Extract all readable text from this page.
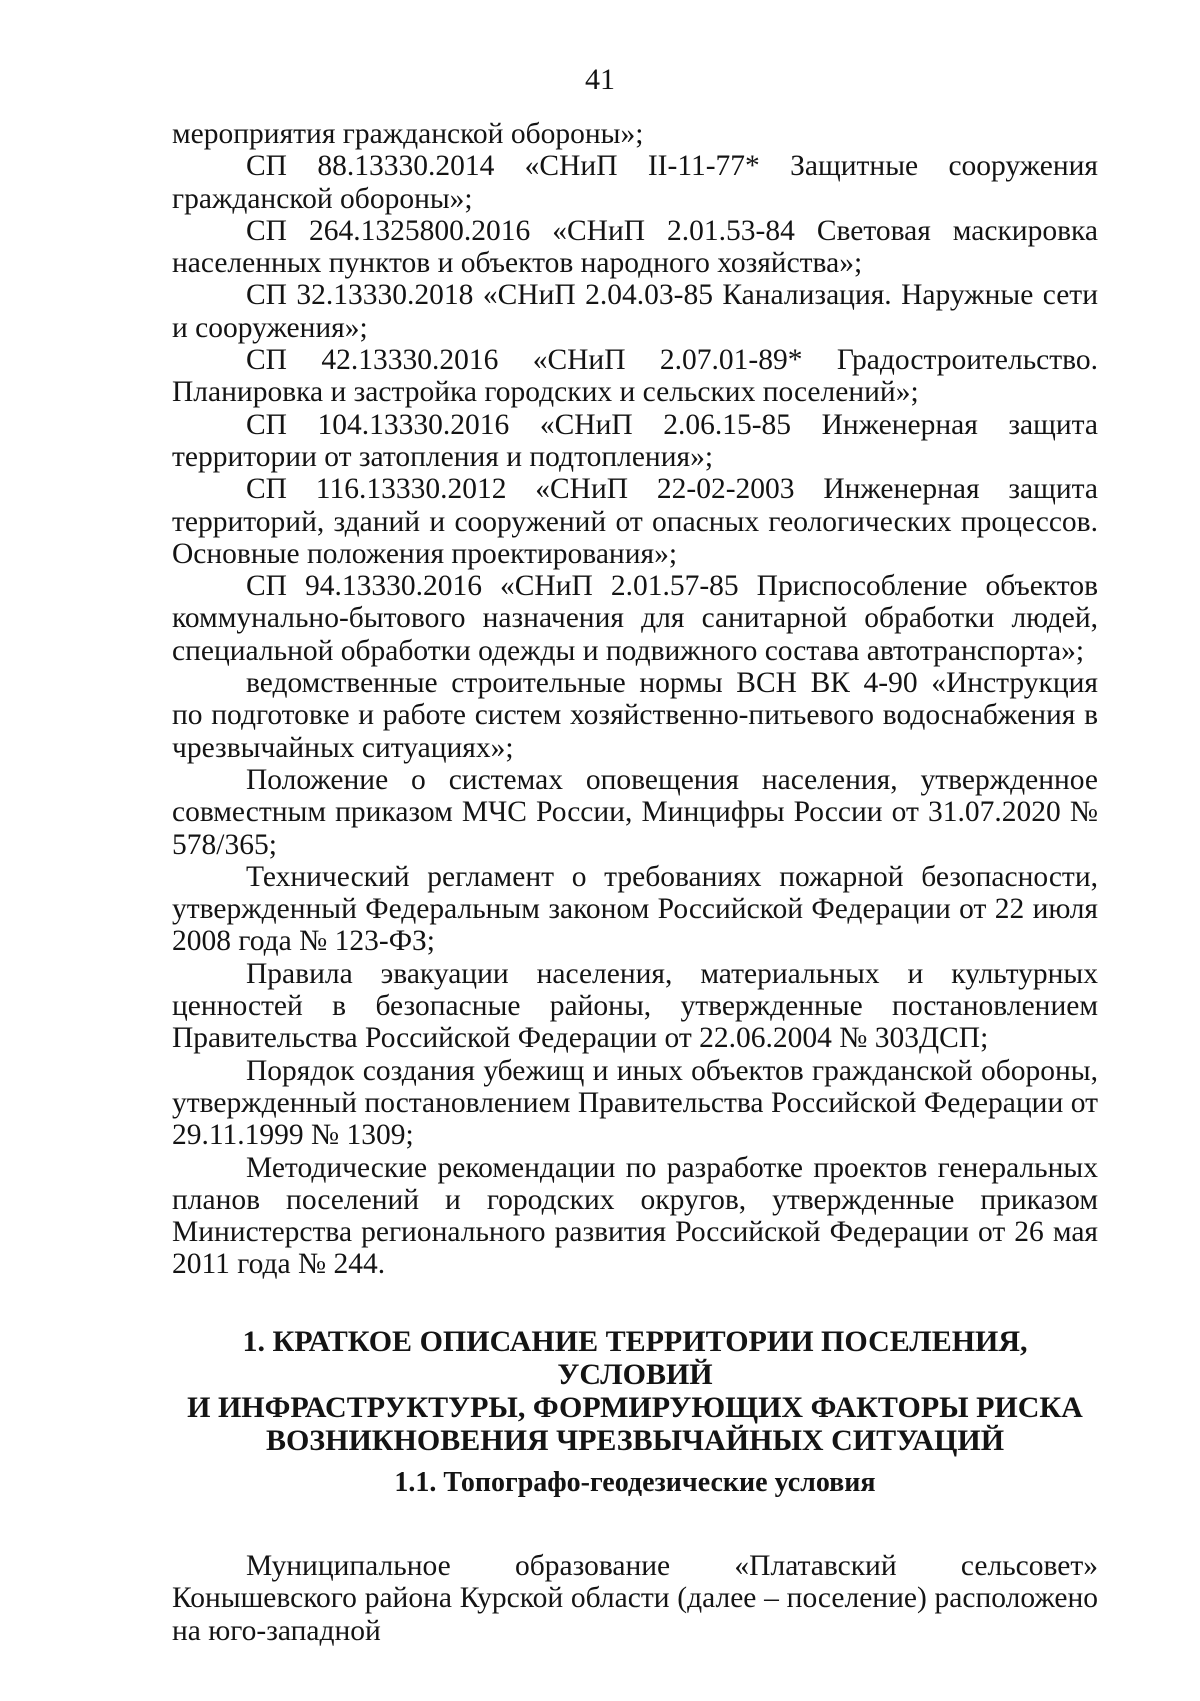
41

мероприятия гражданской обороны»;

СП 88.13330.2014 «СНиП II-11-77* Защитные сооружения гражданской обороны»;

СП 264.1325800.2016 «СНиП 2.01.53-84 Световая маскировка населенных пунктов и объектов народного хозяйства»;

СП 32.13330.2018 «СНиП 2.04.03-85 Канализация. Наружные сети и сооружения»;

СП 42.13330.2016 «СНиП 2.07.01-89* Градостроительство. Планировка и застройка городских и сельских поселений»;

СП 104.13330.2016 «СНиП 2.06.15-85 Инженерная защита территории от затопления и подтопления»;

СП 116.13330.2012 «СНиП 22-02-2003 Инженерная защита территорий, зданий и сооружений от опасных геологических процессов. Основные положения проектирования»;

СП 94.13330.2016 «СНиП 2.01.57-85 Приспособление объектов коммунально-бытового назначения для санитарной обработки людей, специальной обработки одежды и подвижного состава автотранспорта»;

ведомственные строительные нормы ВСН ВК 4-90 «Инструкция по подготовке и работе систем хозяйственно-питьевого водоснабжения в чрезвычайных ситуациях»;

Положение о системах оповещения населения, утвержденное совместным приказом МЧС России, Минцифры России от 31.07.2020 № 578/365;

Технический регламент о требованиях пожарной безопасности, утвержденный Федеральным законом Российской Федерации от 22 июля 2008 года № 123-ФЗ;

Правила эвакуации населения, материальных и культурных ценностей в безопасные районы, утвержденные постановлением Правительства Российской Федерации от 22.06.2004 № 303ДСП;

Порядок создания убежищ и иных объектов гражданской обороны, утвержденный постановлением Правительства Российской Федерации от 29.11.1999 № 1309;

Методические рекомендации по разработке проектов генеральных планов поселений и городских округов, утвержденные приказом Министерства регионального развития Российской Федерации от 26 мая 2011 года № 244.

1. КРАТКОЕ ОПИСАНИЕ ТЕРРИТОРИИ ПОСЕЛЕНИЯ, УСЛОВИЙ
И ИНФРАСТРУКТУРЫ, ФОРМИРУЮЩИХ ФАКТОРЫ РИСКА
ВОЗНИКНОВЕНИЯ ЧРЕЗВЫЧАЙНЫХ СИТУАЦИЙ
1.1. Топографо-геодезические условия

Муниципальное образование «Платавский сельсовет» Конышевского района Курской области (далее – поселение) расположено на юго-западной
